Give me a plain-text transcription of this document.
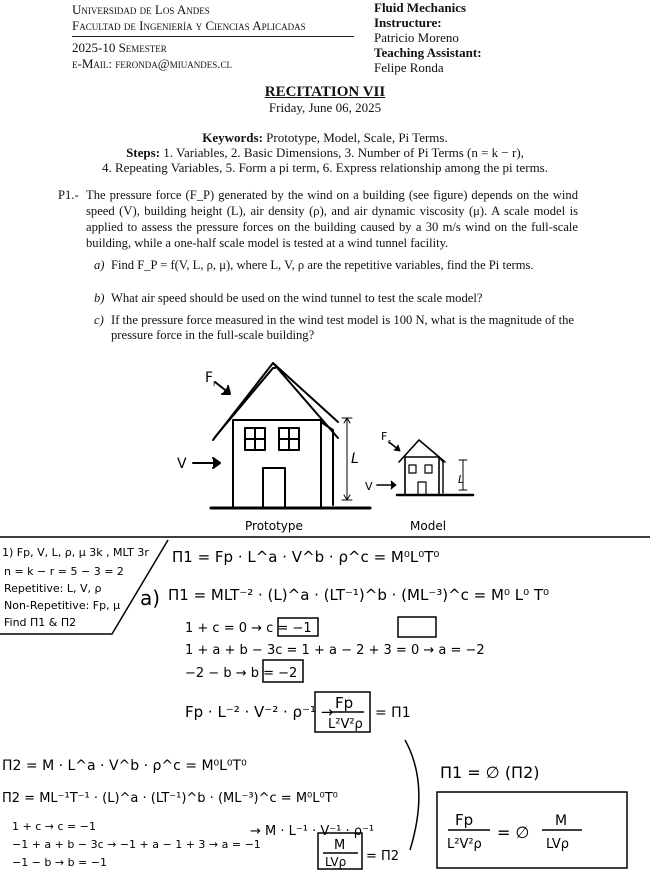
Universidad de Los Andes
Facultad de Ingeniería y Ciencias Aplicadas
2025-10 Semester
e-Mail: feronda@miuandes.cl
Fluid Mechanics
Instructure:
Patricio Moreno
Teaching Assistant:
Felipe Ronda
RECITATION VII
Friday, June 06, 2025
Keywords: Prototype, Model, Scale, Pi Terms.
Steps: 1. Variables, 2. Basic Dimensions, 3. Number of Pi Terms (n = k − r),
4. Repeating Variables, 5. Form a pi term, 6. Express relationship among the pi terms.
P1.- The pressure force (F_P) generated by the wind on a building (see figure) depends on the wind speed (V), building height (L), air density (ρ), and air dynamic viscosity (μ). A scale model is applied to assess the pressure forces on the building caused by a 30 m/s wind on the full-scale building, while a one-half scale model is tested at a wind tunnel facility.
a) Find F_P = f(V, L, ρ, μ), where L, V, ρ are the repetitive variables, find the Pi terms.
b) What air speed should be used on the wind tunnel to test the scale model?
c) If the pressure force measured in the wind test model is 100 N, what is the magnitude of the pressure force in the full-scale building?
F r
V	L
F r
V
L
Prototype	Model
1) Fp, V, L, ρ, μ 3k , MLT 3r
n = k − r = 5 − 3 = 2
Repetitive: L, V, ρ
Non-Repetitive: Fp, μ
Find Π1 & Π2
Π1 = Fp · L^a · V^b · ρ^c = M⁰L⁰T⁰
a) Π1 = MLT⁻² · (L)^a · (LT⁻¹)^b · (ML⁻³)^c = M⁰ L⁰ T⁰
1 + c = 0 → c = −1
1 + a + b − 3c = 1 + a − 2 + 3 = 0 → a = −2
−2 − b → b = −2
Fp · L⁻² · V⁻² · ρ⁻¹ → Fp
L²V²ρ
= Π1
Π2 = M · L^a · V^b · ρ^c = M⁰L⁰T⁰
Π2 = ML⁻¹T⁻¹ · (L)^a · (LT⁻¹)^b · (ML⁻³)^c = M⁰L⁰T⁰
1 + c → c = −1
−1 + a + b − 3c → −1 + a − 1 + 3 → a = −1
−1 − b → b = −1
→ M · L⁻¹ · V⁻¹ · ρ⁻¹
M
LVρ = Π2
Π1 = ∅ (Π2)
Fp
L²V²ρ
= ∅
M
LVρ
